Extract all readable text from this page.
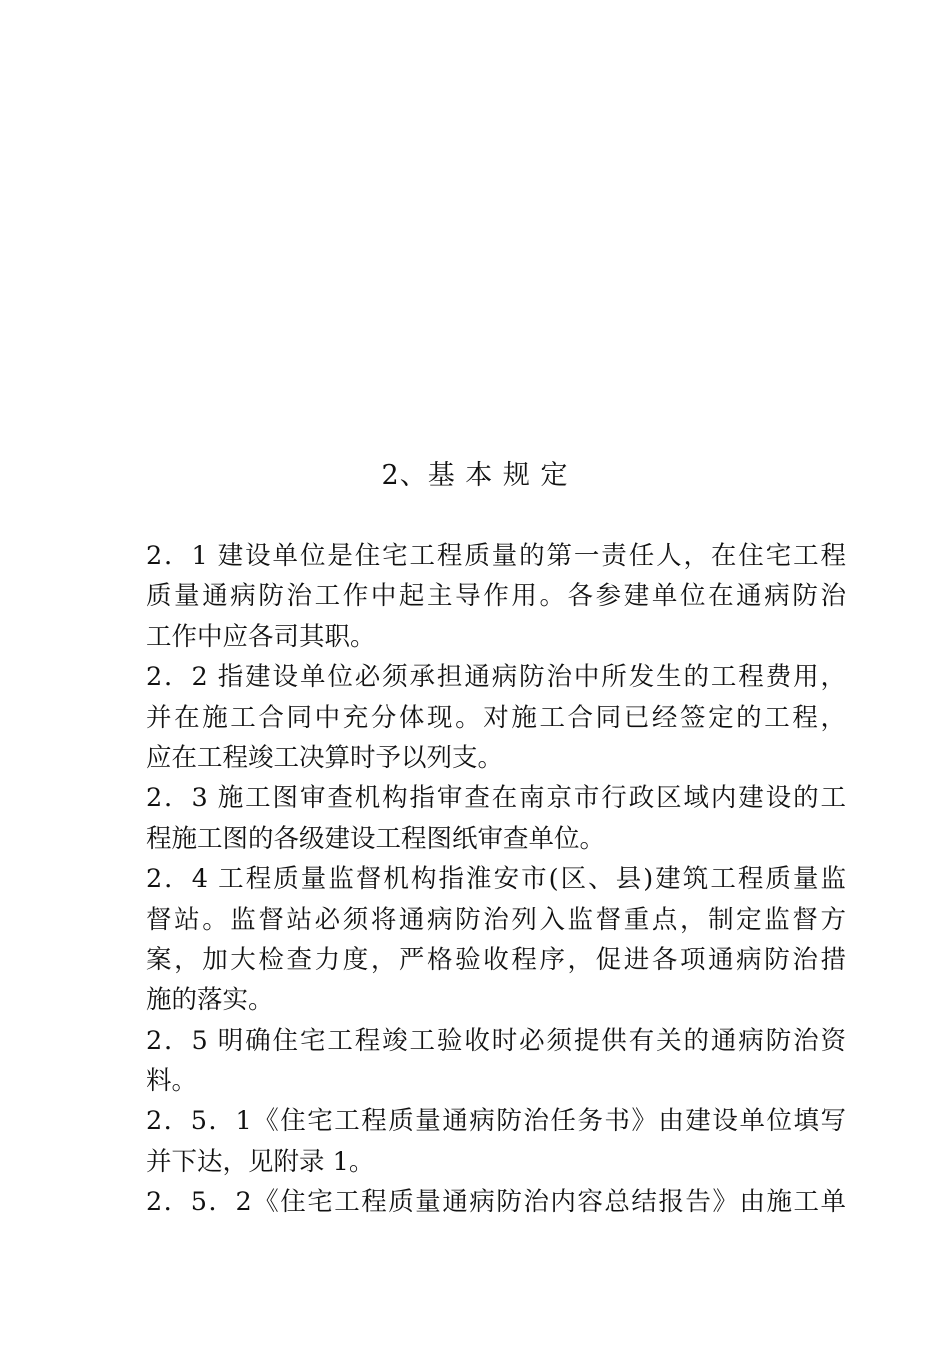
2、基 本 规 定
2．1 建设单位是住宅工程质量的第一责任人，在住宅工程
质量通病防治工作中起主导作用。各参建单位在通病防治
工作中应各司其职。
2．2 指建设单位必须承担通病防治中所发生的工程费用，
并在施工合同中充分体现。对施工合同已经签定的工程，
应在工程竣工决算时予以列支。
2．3 施工图审查机构指审查在南京市行政区域内建设的工
程施工图的各级建设工程图纸审查单位。
2．4 工程质量监督机构指淮安市(区、县)建筑工程质量监
督站。监督站必须将通病防治列入监督重点，制定监督方
案，加大检查力度，严格验收程序，促进各项通病防治措
施的落实。
2．5 明确住宅工程竣工验收时必须提供有关的通病防治资
料。
2．5．1《住宅工程质量通病防治任务书》由建设单位填写
并下达，见附录 1。
2．5．2《住宅工程质量通病防治内容总结报告》由施工单
